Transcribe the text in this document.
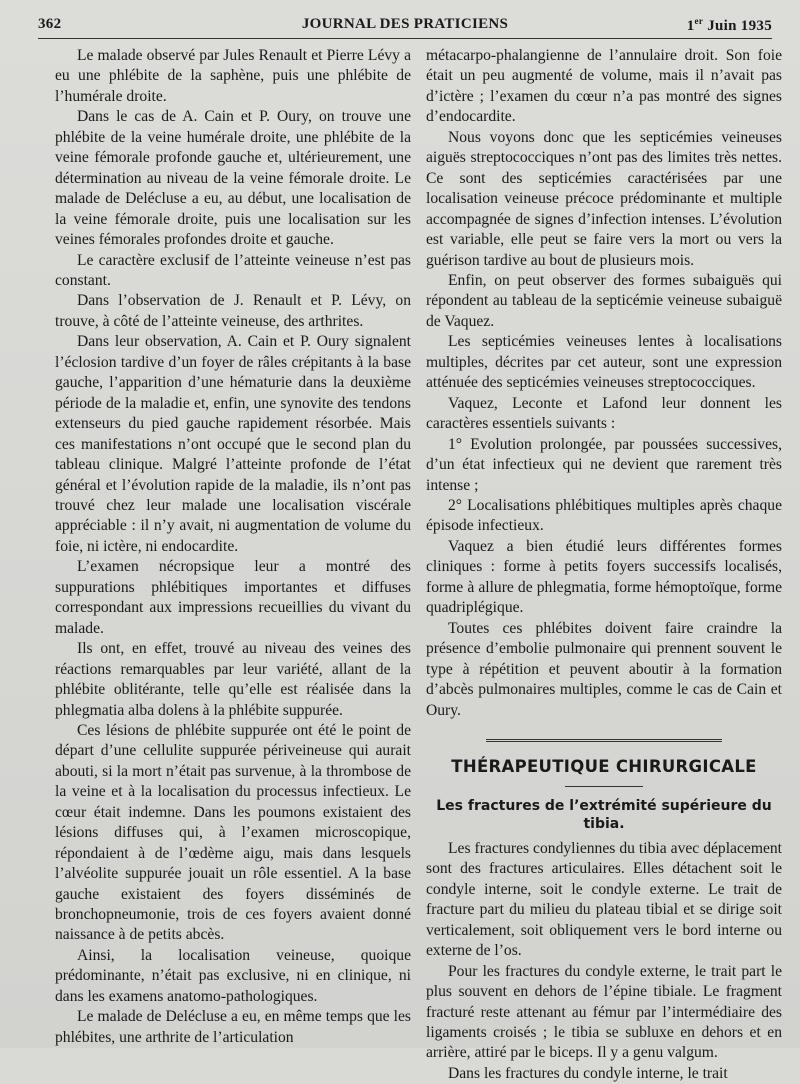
362	JOURNAL DES PRATICIENS	1er Juin 1935

Le malade observé par Jules Renault et Pierre Lévy a eu une phlébite de la saphène, puis une phlébite de l’humérale droite.

Dans le cas de A. Cain et P. Oury, on trouve une phlébite de la veine humérale droite, une phlébite de la veine fémorale profonde gauche et, ultérieurement, une détermination au niveau de la veine fémorale droite. Le malade de Delécluse a eu, au début, une localisation de la veine fémorale droite, puis une localisation sur les veines fémorales profondes droite et gauche.

Le caractère exclusif de l’atteinte veineuse n’est pas constant.

Dans l’observation de J. Renault et P. Lévy, on trouve, à côté de l’atteinte veineuse, des arthrites.

Dans leur observation, A. Cain et P. Oury signalent l’éclosion tardive d’un foyer de râles crépitants à la base gauche, l’apparition d’une hématurie dans la deuxième période de la maladie et, enfin, une synovite des tendons extenseurs du pied gauche rapidement résorbée. Mais ces manifestations n’ont occupé que le second plan du tableau clinique. Malgré l’atteinte profonde de l’état général et l’évolution rapide de la maladie, ils n’ont pas trouvé chez leur malade une localisation viscérale appréciable : il n’y avait, ni augmentation de volume du foie, ni ictère, ni endocardite.

L’examen nécropsique leur a montré des suppurations phlébitiques importantes et diffuses correspondant aux impressions recueillies du vivant du malade.

Ils ont, en effet, trouvé au niveau des veines des réactions remarquables par leur variété, allant de la phlébite oblitérante, telle qu’elle est réalisée dans la phlegmatia alba dolens à la phlébite suppurée.

Ces lésions de phlébite suppurée ont été le point de départ d’une cellulite suppurée périveineuse qui aurait abouti, si la mort n’était pas survenue, à la thrombose de la veine et à la localisation du processus infectieux. Le cœur était indemne. Dans les poumons existaient des lésions diffuses qui, à l’examen microscopique, répondaient à de l’œdème aigu, mais dans lesquels l’alvéolite suppurée jouait un rôle essentiel. A la base gauche existaient des foyers disséminés de bronchopneumonie, trois de ces foyers avaient donné naissance à de petits abcès.

Ainsi, la localisation veineuse, quoique prédominante, n’était pas exclusive, ni en clinique, ni dans les examens anatomo-pathologiques.

Le malade de Delécluse a eu, en même temps que les phlébites, une arthrite de l’articulation

métacarpo-phalangienne de l’annulaire droit. Son foie était un peu augmenté de volume, mais il n’avait pas d’ictère ; l’examen du cœur n’a pas montré des signes d’endocardite.

Nous voyons donc que les septicémies veineuses aiguës streptococciques n’ont pas des limites très nettes. Ce sont des septicémies caractérisées par une localisation veineuse précoce prédominante et multiple accompagnée de signes d’infection intenses. L’évolution est variable, elle peut se faire vers la mort ou vers la guérison tardive au bout de plusieurs mois.

Enfin, on peut observer des formes subaiguës qui répondent au tableau de la septicémie veineuse subaiguë de Vaquez.

Les septicémies veineuses lentes à localisations multiples, décrites par cet auteur, sont une expression atténuée des septicémies veineuses streptococciques.

Vaquez, Leconte et Lafond leur donnent les caractères essentiels suivants :

1° Evolution prolongée, par poussées successives, d’un état infectieux qui ne devient que rarement très intense ;

2° Localisations phlébitiques multiples après chaque épisode infectieux.

Vaquez a bien étudié leurs différentes formes cliniques : forme à petits foyers successifs localisés, forme à allure de phlegmatia, forme hémoptoïque, forme quadriplégique.

Toutes ces phlébites doivent faire craindre la présence d’embolie pulmonaire qui prennent souvent le type à répétition et peuvent aboutir à la formation d’abcès pulmonaires multiples, comme le cas de Cain et Oury.

THÉRAPEUTIQUE CHIRURGICALE
Les fractures de l’extrémité supérieure du tibia.

Les fractures condyliennes du tibia avec déplacement sont des fractures articulaires. Elles détachent soit le condyle interne, soit le condyle externe. Le trait de fracture part du milieu du plateau tibial et se dirige soit verticalement, soit obliquement vers le bord interne ou externe de l’os.

Pour les fractures du condyle externe, le trait part le plus souvent en dehors de l’épine tibiale. Le fragment fracturé reste attenant au fémur par l’intermédiaire des ligaments croisés ; le tibia se subluxe en dehors et en arrière, attiré par le biceps. Il y a genu valgum.

Dans les fractures du condyle interne, le trait
